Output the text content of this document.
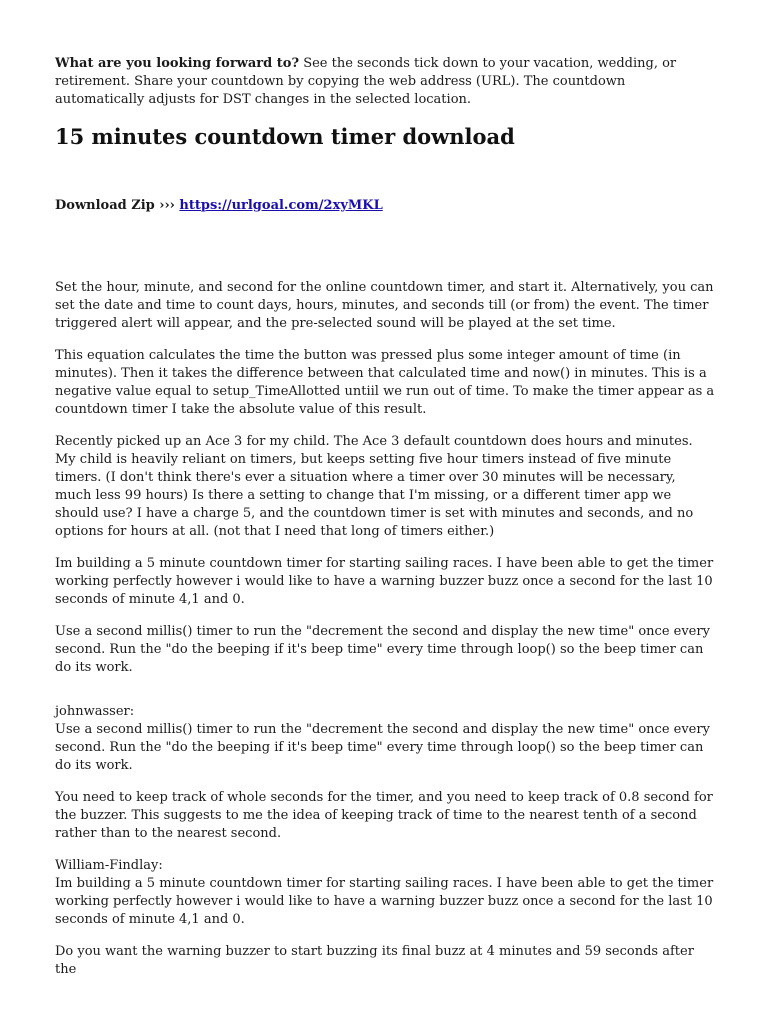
What are you looking forward to? See the seconds tick down to your vacation, wedding, or retirement. Share your countdown by copying the web address (URL). The countdown automatically adjusts for DST changes in the selected location.

15 minutes countdown timer download
Download Zip ››› https://urlgoal.com/2xyMKL

Set the hour, minute, and second for the online countdown timer, and start it. Alternatively, you can set the date and time to count days, hours, minutes, and seconds till (or from) the event. The timer triggered alert will appear, and the pre-selected sound will be played at the set time.

This equation calculates the time the button was pressed plus some integer amount of time (in minutes). Then it takes the difference between that calculated time and now() in minutes. This is a negative value equal to setup_TimeAllotted untiil we run out of time. To make the timer appear as a countdown timer I take the absolute value of this result.

Recently picked up an Ace 3 for my child. The Ace 3 default countdown does hours and minutes. My child is heavily reliant on timers, but keeps setting five hour timers instead of five minute timers. (I don't think there's ever a situation where a timer over 30 minutes will be necessary, much less 99 hours) Is there a setting to change that I'm missing, or a different timer app we should use? I have a charge 5, and the countdown timer is set with minutes and seconds, and no options for hours at all. (not that I need that long of timers either.)

Im building a 5 minute countdown timer for starting sailing races. I have been able to get the timer working perfectly however i would like to have a warning buzzer buzz once a second for the last 10 seconds of minute 4,1 and 0.

Use a second millis() timer to run the "decrement the second and display the new time" once every second. Run the "do the beeping if it's beep time" every time through loop() so the beep timer can do its work.

johnwasser:

Use a second millis() timer to run the "decrement the second and display the new time" once every second. Run the "do the beeping if it's beep time" every time through loop() so the beep timer can do its work.

You need to keep track of whole seconds for the timer, and you need to keep track of 0.8 second for the buzzer. This suggests to me the idea of keeping track of time to the nearest tenth of a second rather than to the nearest second.

William-Findlay:

Im building a 5 minute countdown timer for starting sailing races. I have been able to get the timer working perfectly however i would like to have a warning buzzer buzz once a second for the last 10 seconds of minute 4,1 and 0.

Do you want the warning buzzer to start buzzing its final buzz at 4 minutes and 59 seconds after the
